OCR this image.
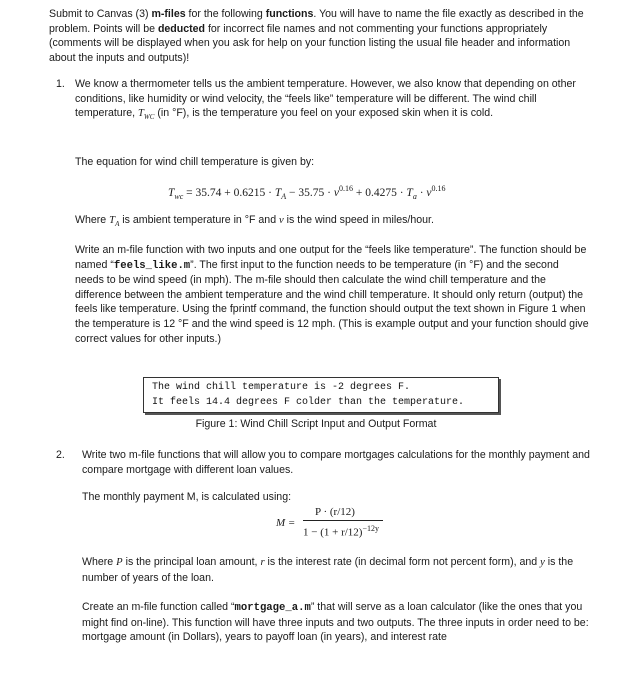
Submit to Canvas (3) m-files for the following functions. You will have to name the file exactly as described in the problem. Points will be deducted for incorrect file names and not commenting your functions appropriately (comments will be displayed when you ask for help on your function listing the usual file header and information about the inputs and outputs)!

1. We know a thermometer tells us the ambient temperature. However, we also know that depending on other conditions, like humidity or wind velocity, the “feels like” temperature will be different. The wind chill temperature, $T_{WC}$ (in °F), is the temperature you feel on your exposed skin when it is cold.

The equation for wind chill temperature is given by:

$T_{wc} = 35.74 + 0.6215 \cdot T_A - 35.75 \cdot v^{0.16} + 0.4275 \cdot T_a \cdot v^{0.16}$

Where $T_A$ is ambient temperature in °F and v is the wind speed in miles/hour.

Write an m-file function with two inputs and one output for the “feels like temperature”. The function should be named “feels_like.m”. The first input to the function needs to be temperature (in °F) and the second needs to be wind speed (in mph). The m-file should then calculate the wind chill temperature and the difference between the ambient temperature and the wind chill temperature. It should only return (output) the feels like temperature. Using the fprintf command, the function should output the text shown in Figure 1 when the temperature is 12 °F and the wind speed is 12 mph. (This is example output and your function should give correct values for other inputs.)

The wind chill temperature is -2 degrees F.
It feels 14.4 degrees F colder than the temperature.
Figure 1: Wind Chill Script Input and Output Format
2. Write two m-file functions that will allow you to compare mortgages calculations for the monthly payment and compare mortgage with different loan values.

The monthly payment M, is calculated using:

M =
P · (r/12)
$1 - (1 + r/12)^{-12y}$

Where P is the principal loan amount, r is the interest rate (in decimal form not percent form), and y is the number of years of the loan.

Create an m-file function called “mortgage_a.m” that will serve as a loan calculator (like the ones that you might find on-line). This function will have three inputs and two outputs. The three inputs in order need to be: mortgage amount (in Dollars), years to payoff loan (in years), and interest rate
